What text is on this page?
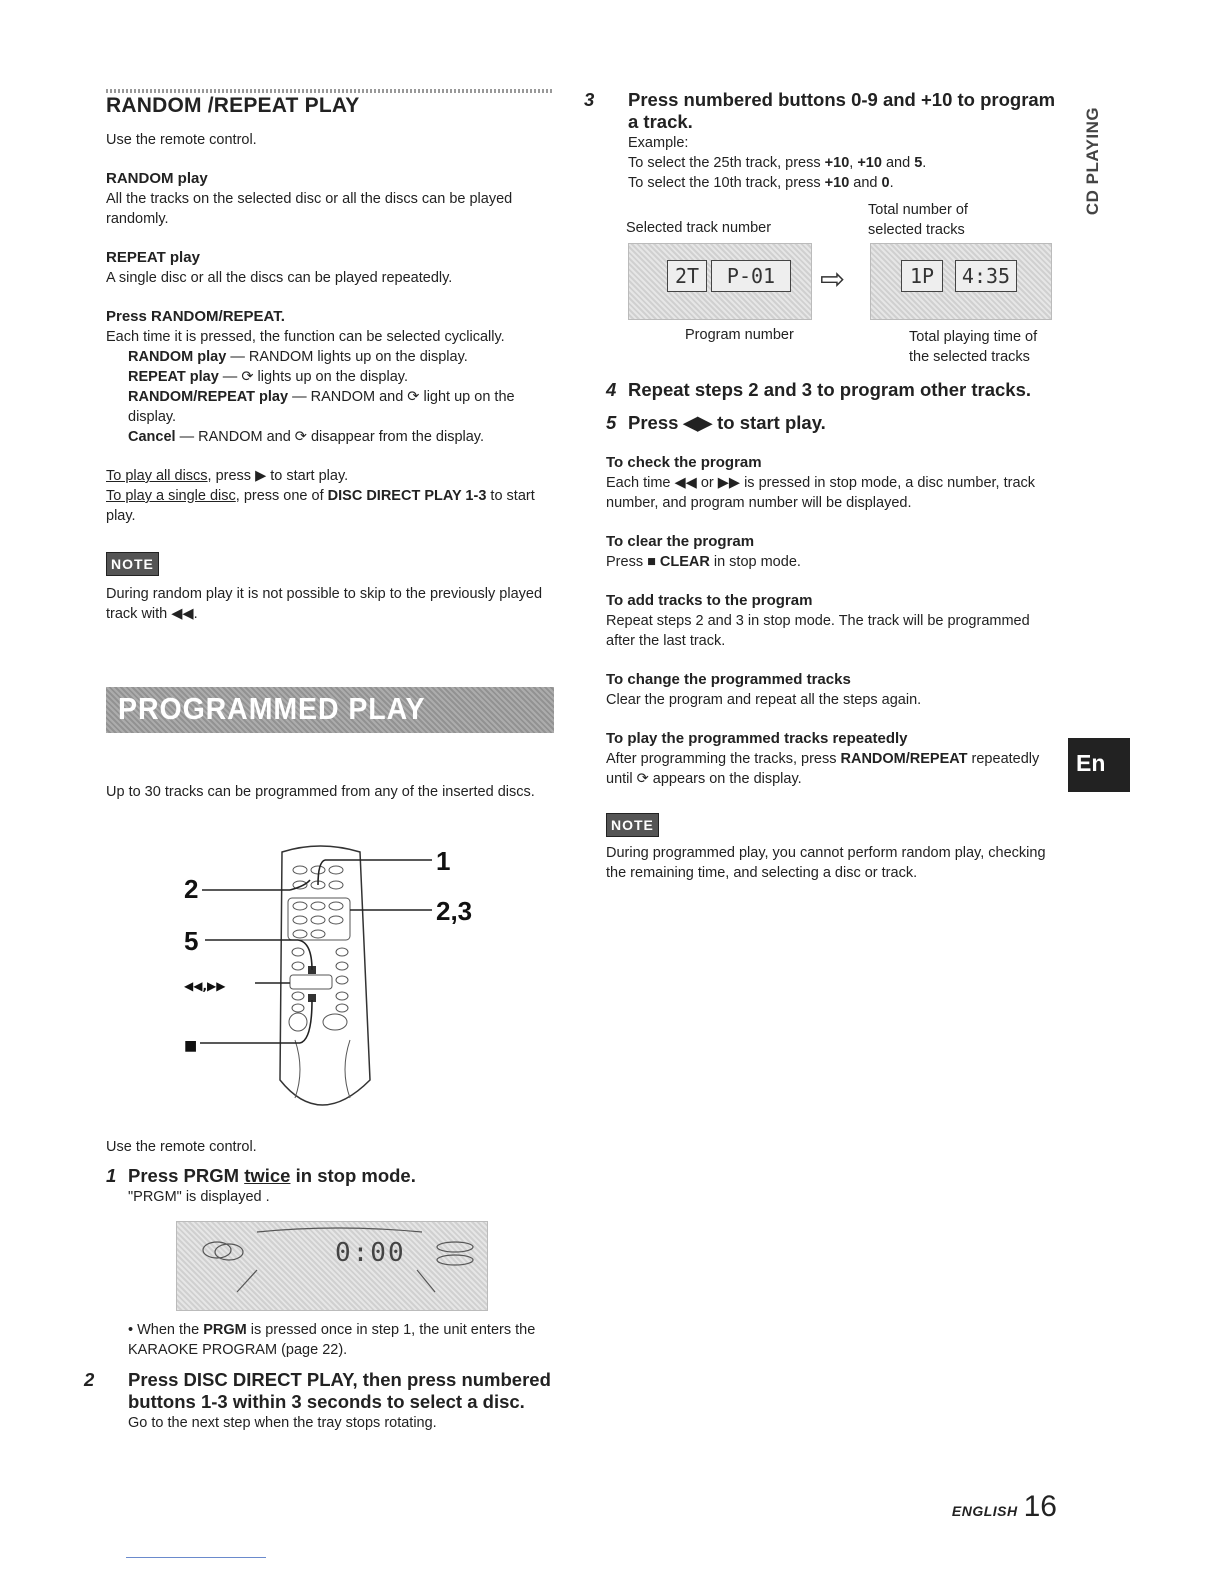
RANDOM /REPEAT PLAY

Use the remote control.

RANDOM play

All the tracks on the selected disc or all the discs can be played randomly.

REPEAT play

A single disc or all the discs can be played repeatedly.

Press RANDOM/REPEAT.

Each time it is pressed, the function can be selected cyclically.

RANDOM play — RANDOM lights up on the display.

REPEAT play — ⟳ lights up on the display.

RANDOM/REPEAT play — RANDOM and ⟳ light up on the display.

Cancel — RANDOM and ⟳ disappear from the display.

To play all discs, press ▶ to start play.

To play a single disc, press one of DISC DIRECT PLAY 1-3 to start play.

NOTE

During random play it is not possible to skip to the previously played track with ◀◀.

PROGRAMMED PLAY

Up to 30 tracks can be programmed from any of the inserted discs.

1
2,3
2
5
◀◀,▶▶
■

Use the remote control.

1 Press PRGM twice in stop mode.

"PRGM" is displayed .

0:00

• When the PRGM is pressed once in step 1, the unit enters the KARAOKE PROGRAM (page 22).

2 Press DISC DIRECT PLAY, then press numbered buttons 1-3 within 3 seconds to select a disc.

Go to the next step when the tray stops rotating.

3 Press numbered buttons 0-9 and +10 to program a track.

Example:

To select the 25th track, press +10, +10 and 5.

To select the 10th track, press +10 and 0.

Selected track number
Total number of
selected tracks
2T	P-01	⇨	1P	4:35
Program number	Total playing time of
the selected tracks

4 Repeat steps 2 and 3 to program other tracks.

5 Press ◀▶ to start play.

To check the program

Each time ◀◀ or ▶▶ is pressed in stop mode, a disc number, track number, and program number will be displayed.

To clear the program

Press ■ CLEAR in stop mode.

To add tracks to the program

Repeat steps 2 and 3 in stop mode. The track will be programmed after the last track.

To change the programmed tracks

Clear the program and repeat all the steps again.

To play the programmed tracks repeatedly

After programming the tracks, press RANDOM/REPEAT repeatedly until ⟳ appears on the display.

NOTE

During programmed play, you cannot perform random play, checking the remaining time, and selecting a disc or track.

CD PLAYING
En
ENGLISH 16
